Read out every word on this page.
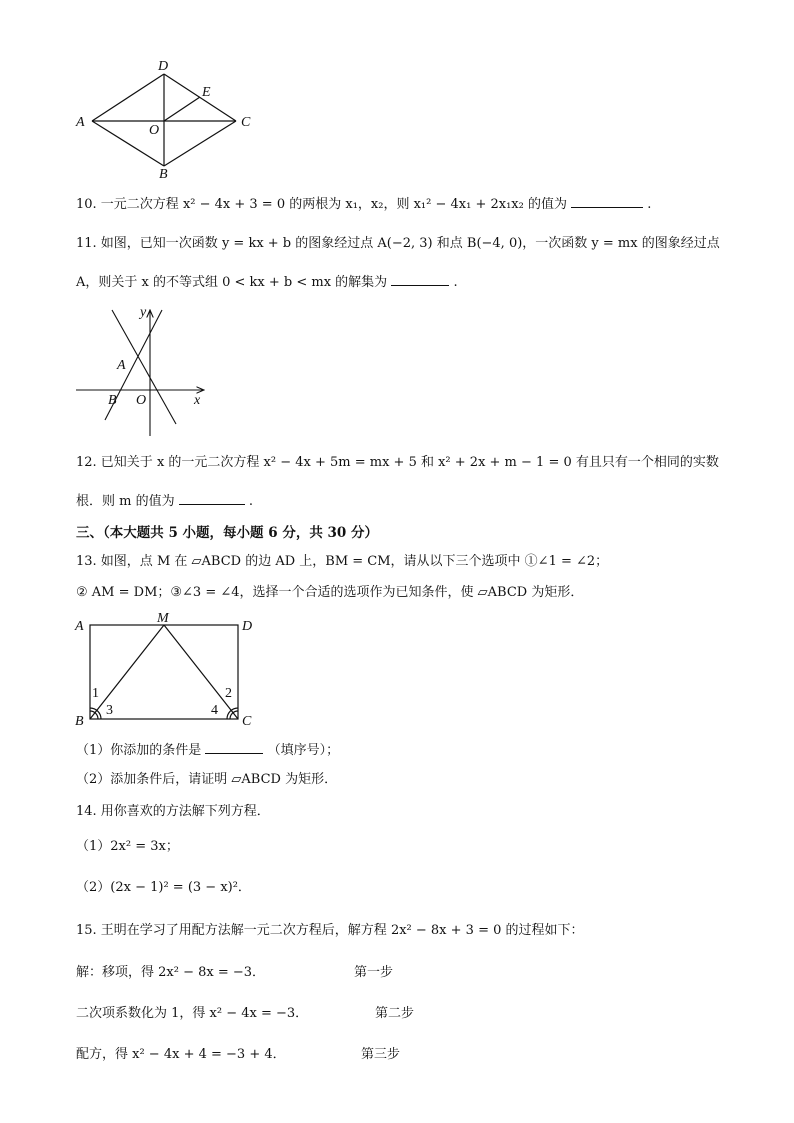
D
E
A
O
C
B
10. 一元二次方程 x² − 4x + 3 = 0 的两根为 x₁，x₂，则 x₁² − 4x₁ + 2x₁x₂ 的值为	.
11. 如图，已知一次函数 y = kx + b 的图象经过点 A(−2, 3) 和点 B(−4, 0)，一次函数 y = mx 的图象经过点
A，则关于 x 的不等式组 0 < kx + b < mx 的解集为	.
y
A
B O	x
12. 已知关于 x 的一元二次方程 x² − 4x + 5m = mx + 5 和 x² + 2x + m − 1 = 0 有且只有一个相同的实数
根．则 m 的值为	.
三、（本大题共 5 小题，每小题 6 分，共 30 分）
13. 如图，点 M 在 ▱ABCD 的边 AD 上，BM = CM，请从以下三个选项中 ①∠1 = ∠2；
② AM = DM；③∠3 = ∠4，选择一个合适的选项作为已知条件，使 ▱ABCD 为矩形．
A
M
D
1
3	4
2
B	C
（1）你添加的条件是	（填序号）；
（2）添加条件后，请证明 ▱ABCD 为矩形．
14. 用你喜欢的方法解下列方程．
（1）2x² = 3x；
（2）(2x − 1)² = (3 − x)²．
15. 王明在学习了用配方法解一元二次方程后，解方程 2x² − 8x + 3 = 0 的过程如下：
解：移项，得 2x² − 8x = −3．	第一步
二次项系数化为 1，得 x² − 4x = −3．	第二步
配方，得 x² − 4x + 4 = −3 + 4．	第三步
